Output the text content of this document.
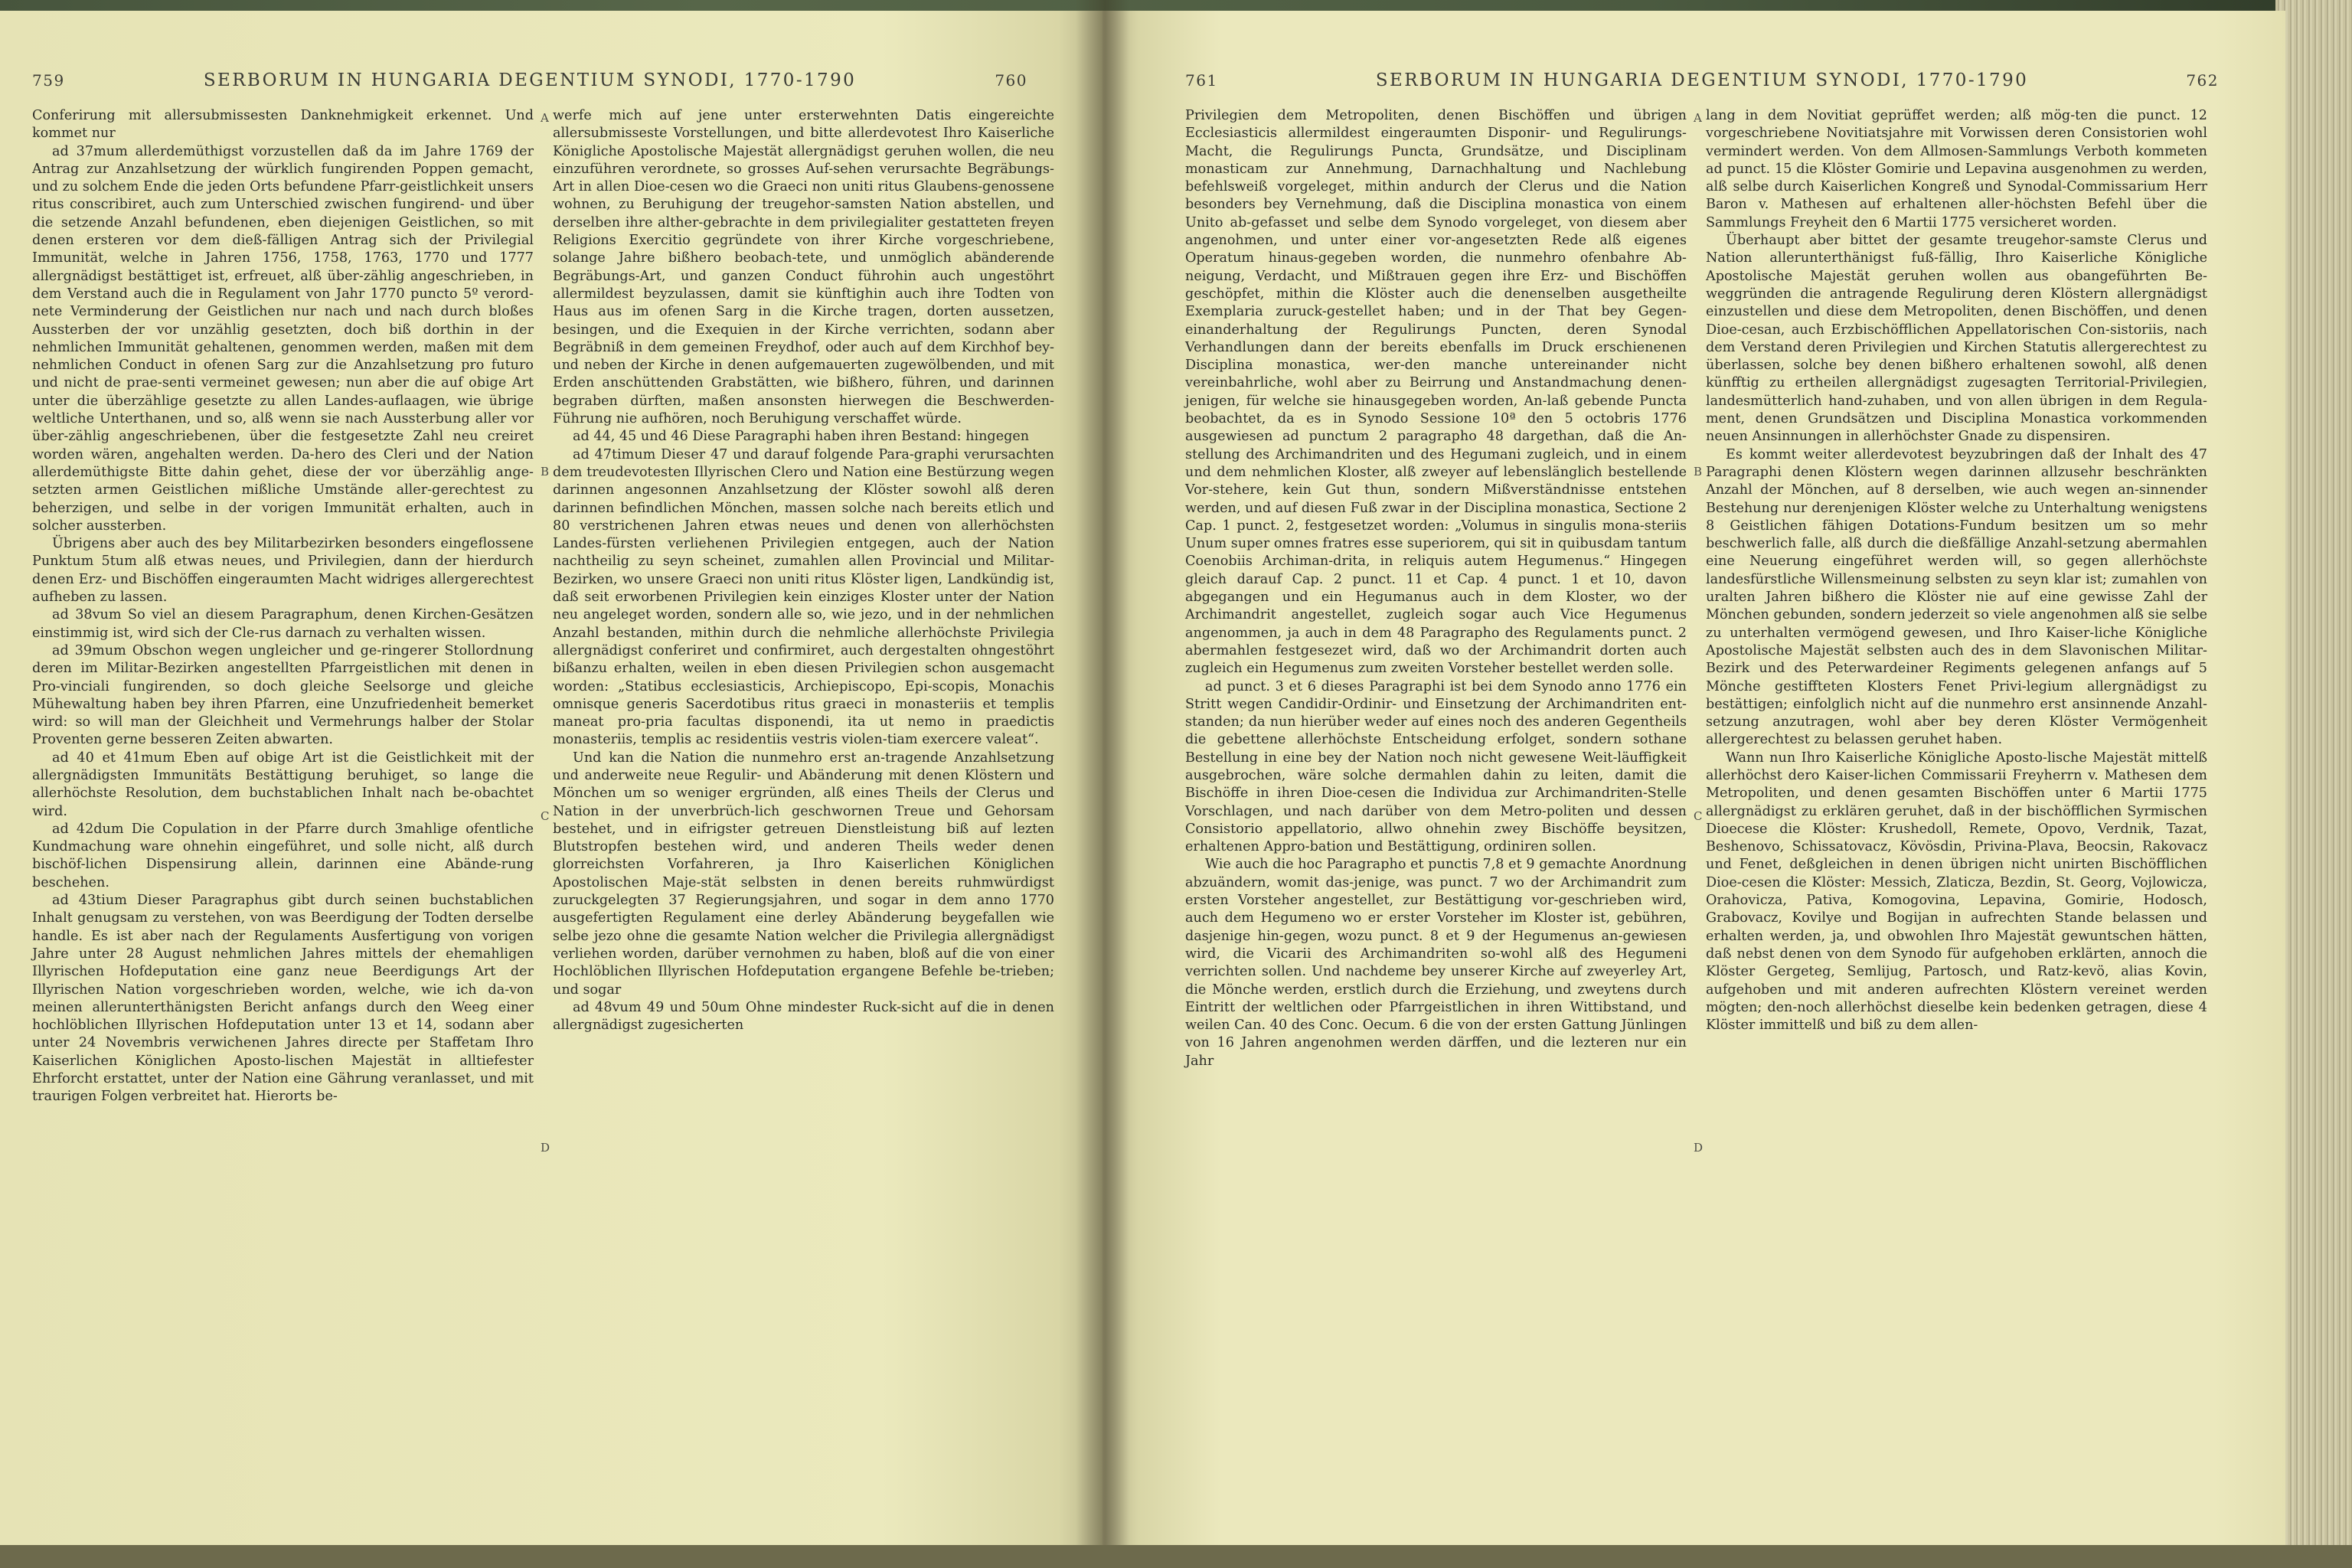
759	SERBORUM IN HUNGARIA DEGENTIUM SYNODI, 1770-1790	760

Conferirung mit allersubmissesten Danknehmigkeit erkennet. Und kommet nur

ad 37mum allerdemüthigst vorzustellen daß da im Jahre 1769 der Antrag zur Anzahlsetzung der würklich fungirenden Poppen gemacht, und zu solchem Ende die jeden Orts befundene Pfarr-geistlichkeit unsers ritus conscribiret, auch zum Unterschied zwischen fungirend- und über die setzende Anzahl befundenen, eben diejenigen Geistlichen, so mit denen ersteren vor dem dieß-fälligen Antrag sich der Privilegial Immunität, welche in Jahren 1756, 1758, 1763, 1770 und 1777 allergnädigst bestättiget ist, erfreuet, alß über-zählig angeschrieben, in dem Verstand auch die in Regulament von Jahr 1770 puncto 5º verord-nete Verminderung der Geistlichen nur nach und nach durch bloßes Aussterben der vor unzählig gesetzten, doch biß dorthin in der nehmlichen Immunität gehaltenen, genommen werden, maßen mit dem nehmlichen Conduct in ofenen Sarg zur die Anzahlsetzung pro futuro und nicht de prae-senti vermeinet gewesen; nun aber die auf obige Art unter die überzählige gesetzte zu allen Landes-auflaagen, wie übrige weltliche Unterthanen, und so, alß wenn sie nach Aussterbung aller vor über-zählig angeschriebenen, über die festgesetzte Zahl neu creiret worden wären, angehalten werden. Da-hero des Cleri und der Nation allerdemüthigste Bitte dahin gehet, diese der vor überzählig ange-setzten armen Geistlichen mißliche Umstände aller-gerechtest zu beherzigen, und selbe in der vorigen Immunität erhalten, auch in solcher aussterben.

Übrigens aber auch des bey Militarbezirken besonders eingeflossene Punktum 5tum alß etwas neues, und Privilegien, dann der hierdurch denen Erz- und Bischöffen eingeraumten Macht widriges allergerechtest aufheben zu lassen.

ad 38vum So viel an diesem Paragraphum, denen Kirchen-Gesätzen einstimmig ist, wird sich der Cle-rus darnach zu verhalten wissen.

ad 39mum Obschon wegen ungleicher und ge-ringerer Stollordnung deren im Militar-Bezirken angestellten Pfarrgeistlichen mit denen in Pro-vinciali fungirenden, so doch gleiche Seelsorge und gleiche Mühewaltung haben bey ihren Pfarren, eine Unzufriedenheit bemerket wird: so will man der Gleichheit und Vermehrungs halber der Stolar Proventen gerne besseren Zeiten abwarten.

ad 40 et 41mum Eben auf obige Art ist die Geistlichkeit mit der allergnädigsten Immunitäts Bestättigung beruhiget, so lange die allerhöchste Resolution, dem buchstablichen Inhalt nach be-obachtet wird.

ad 42dum Die Copulation in der Pfarre durch 3mahlige ofentliche Kundmachung ware ohnehin eingeführet, und solle nicht, alß durch bischöf-lichen Dispensirung allein, darinnen eine Abände-rung beschehen.

ad 43tium Dieser Paragraphus gibt durch seinen buchstablichen Inhalt genugsam zu verstehen, von was Beerdigung der Todten derselbe handle. Es ist aber nach der Regulaments Ausfertigung von vorigen Jahre unter 28 August nehmlichen Jahres mittels der ehemahligen Illyrischen Hofdeputation eine ganz neue Beerdigungs Art der Illyrischen Nation vorgeschrieben worden, welche, wie ich da-von meinen allerunterthänigsten Bericht anfangs durch den Weeg einer hochlöblichen Illyrischen Hofdeputation unter 13 et 14, sodann aber unter 24 Novembris verwichenen Jahres directe per Staffetam Ihro Kaiserlichen Königlichen Aposto-lischen Majestät in alltiefester Ehrforcht erstattet, unter der Nation eine Gährung veranlasset, und mit traurigen Folgen verbreitet hat. Hierorts be-

A
B
C
D

werfe mich auf jene unter ersterwehnten Datis eingereichte allersubmisseste Vorstellungen, und bitte allerdevotest Ihro Kaiserliche Königliche Apostolische Majestät allergnädigst geruhen wollen, die neu einzuführen verordnete, so grosses Auf-sehen verursachte Begräbungs-Art in allen Dioe-cesen wo die Graeci non uniti ritus Glaubens-genossene wohnen, zu Beruhigung der treugehor-samsten Nation abstellen, und derselben ihre alther-gebrachte in dem privilegialiter gestatteten freyen Religions Exercitio gegründete von ihrer Kirche vorgeschriebene, solange Jahre bißhero beobach-tete, und unmöglich abänderende Begräbungs-Art, und ganzen Conduct führohin auch ungestöhrt allermildest beyzulassen, damit sie künftighin auch ihre Todten von Haus aus im ofenen Sarg in die Kirche tragen, dorten aussetzen, besingen, und die Exequien in der Kirche verrichten, sodann aber Begräbniß in dem gemeinen Freydhof, oder auch auf dem Kirchhof bey- und neben der Kirche in denen aufgemauerten zugewölbenden, und mit Erden anschüttenden Grabstätten, wie bißhero, führen, und darinnen begraben dürften, maßen ansonsten hierwegen die Beschwerden-Führung nie aufhören, noch Beruhigung verschaffet würde.

ad 44, 45 und 46 Diese Paragraphi haben ihren Bestand: hingegen

ad 47timum Dieser 47 und darauf folgende Para-graphi verursachten dem treudevotesten Illyrischen Clero und Nation eine Bestürzung wegen darinnen angesonnen Anzahlsetzung der Klöster sowohl alß deren darinnen befindlichen Mönchen, massen solche nach bereits etlich und 80 verstrichenen Jahren etwas neues und denen von allerhöchsten Landes-fürsten verliehenen Privilegien entgegen, auch der Nation nachtheilig zu seyn scheinet, zumahlen allen Provincial und Militar-Bezirken, wo unsere Graeci non uniti ritus Klöster ligen, Landkündig ist, daß seit erworbenen Privilegien kein einziges Kloster unter der Nation neu angeleget worden, sondern alle so, wie jezo, und in der nehmlichen Anzahl bestanden, mithin durch die nehmliche allerhöchste Privilegia allergnädigst conferiret und confirmiret, auch dergestalten ohngestöhrt bißanzu erhalten, weilen in eben diesen Privilegien schon ausgemacht worden: „Statibus ecclesiasticis, Archiepiscopo, Epi-scopis, Monachis omnisque generis Sacerdotibus ritus graeci in monasteriis et templis maneat pro-pria facultas disponendi, ita ut nemo in praedictis monasteriis, templis ac residentiis vestris violen-tiam exercere valeat“.

Und kan die Nation die nunmehro erst an-tragende Anzahlsetzung und anderweite neue Regulir- und Abänderung mit denen Klöstern und Mönchen um so weniger ergründen, alß eines Theils der Clerus und Nation in der unverbrüch-lich geschwornen Treue und Gehorsam bestehet, und in eifrigster getreuen Dienstleistung biß auf lezten Blutstropfen bestehen wird, und anderen Theils weder denen glorreichsten Vorfahreren, ja Ihro Kaiserlichen Königlichen Apostolischen Maje-stät selbsten in denen bereits ruhmwürdigst zuruckgelegten 37 Regierungsjahren, und sogar in dem anno 1770 ausgefertigten Regulament eine derley Abänderung beygefallen wie selbe jezo ohne die gesamte Nation welcher die Privilegia allergnädigst verliehen worden, darüber vernohmen zu haben, bloß auf die von einer Hochlöblichen Illyrischen Hofdeputation ergangene Befehle be-trieben; und sogar

ad 48vum 49 und 50um Ohne mindester Ruck-sicht auf die in denen allergnädigst zugesicherten

761	SERBORUM IN HUNGARIA DEGENTIUM SYNODI, 1770-1790	762

Privilegien dem Metropoliten, denen Bischöffen und übrigen Ecclesiasticis allermildest eingeraumten Disponir- und Regulirungs-Macht, die Regulirungs Puncta, Grundsätze, und Disciplinam monasticam zur Annehmung, Darnachhaltung und Nachlebung befehlsweiß vorgeleget, mithin andurch der Clerus und die Nation besonders bey Vernehmung, daß die Disciplina monastica von einem Unito ab-gefasset und selbe dem Synodo vorgeleget, von diesem aber angenohmen, und unter einer vor-angesetzten Rede alß eigenes Operatum hinaus-gegeben worden, die nunmehro ofenbahre Ab-neigung, Verdacht, und Mißtrauen gegen ihre Erz- und Bischöffen geschöpfet, mithin die Klöster auch die denenselben ausgetheilte Exemplaria zuruck-gestellet haben; und in der That bey Gegen-einanderhaltung der Regulirungs Puncten, deren Synodal Verhandlungen dann der bereits ebenfalls im Druck erschienenen Disciplina monastica, wer-den manche untereinander nicht vereinbahrliche, wohl aber zu Beirrung und Anstandmachung denen-jenigen, für welche sie hinausgegeben worden, An-laß gebende Puncta beobachtet, da es in Synodo Sessione 10ª den 5 octobris 1776 ausgewiesen ad punctum 2 paragrapho 48 dargethan, daß die An-stellung des Archimandriten und des Hegumani zugleich, und in einem und dem nehmlichen Kloster, alß zweyer auf lebenslänglich bestellende Vor-stehere, kein Gut thun, sondern Mißverständnisse entstehen werden, und auf diesen Fuß zwar in der Disciplina monastica, Sectione 2 Cap. 1 punct. 2, festgesetzet worden: „Volumus in singulis mona-steriis Unum super omnes fratres esse superiorem, qui sit in quibusdam tantum Coenobiis Archiman-drita, in reliquis autem Hegumenus.“ Hingegen gleich darauf Cap. 2 punct. 11 et Cap. 4 punct. 1 et 10, davon abgegangen und ein Hegumanus auch in dem Kloster, wo der Archimandrit angestellet, zugleich sogar auch Vice Hegumenus angenommen, ja auch in dem 48 Paragrapho des Regulaments punct. 2 abermahlen festgesezet wird, daß wo der Archimandrit dorten auch zugleich ein Hegumenus zum zweiten Vorsteher bestellet werden solle.

ad punct. 3 et 6 dieses Paragraphi ist bei dem Synodo anno 1776 ein Stritt wegen Candidir-Ordinir- und Einsetzung der Archimandriten ent-standen; da nun hierüber weder auf eines noch des anderen Gegentheils die gebettene allerhöchste Entscheidung erfolget, sondern sothane Bestellung in eine bey der Nation noch nicht gewesene Weit-läuffigkeit ausgebrochen, wäre solche dermahlen dahin zu leiten, damit die Bischöffe in ihren Dioe-cesen die Individua zur Archimandriten-Stelle Vorschlagen, und nach darüber von dem Metro-politen und dessen Consistorio appellatorio, allwo ohnehin zwey Bischöffe beysitzen, erhaltenen Appro-bation und Bestättigung, ordiniren sollen.

Wie auch die hoc Paragrapho et punctis 7,8 et 9 gemachte Anordnung abzuändern, womit das-jenige, was punct. 7 wo der Archimandrit zum ersten Vorsteher angestellet, zur Bestättigung vor-geschrieben wird, auch dem Hegumeno wo er erster Vorsteher im Kloster ist, gebühren, dasjenige hin-gegen, wozu punct. 8 et 9 der Hegumenus an-gewiesen wird, die Vicarii des Archimandriten so-wohl alß des Hegumeni verrichten sollen. Und nachdeme bey unserer Kirche auf zweyerley Art, die Mönche werden, erstlich durch die Erziehung, und zweytens durch Eintritt der weltlichen oder Pfarrgeistlichen in ihren Wittibstand, und weilen Can. 40 des Conc. Oecum. 6 die von der ersten Gattung Jünlingen von 16 Jahren angenohmen werden därffen, und die lezteren nur ein Jahr

A
B
C
D

lang in dem Novitiat geprüffet werden; alß mög-ten die punct. 12 vorgeschriebene Novitiatsjahre mit Vorwissen deren Consistorien wohl vermindert werden. Von dem Allmosen-Sammlungs Verboth kommeten ad punct. 15 die Klöster Gomirie und Lepavina ausgenohmen zu werden, alß selbe durch Kaiserlichen Kongreß und Synodal-Commissarium Herr Baron v. Mathesen auf erhaltenen aller-höchsten Befehl über die Sammlungs Freyheit den 6 Martii 1775 versicheret worden.

Überhaupt aber bittet der gesamte treugehor-samste Clerus und Nation allerunterthänigst fuß-fällig, Ihro Kaiserliche Königliche Apostolische Majestät geruhen wollen aus obangeführten Be-weggründen die antragende Regulirung deren Klöstern allergnädigst einzustellen und diese dem Metropoliten, denen Bischöffen, und denen Dioe-cesan, auch Erzbischöfflichen Appellatorischen Con-sistoriis, nach dem Verstand deren Privilegien und Kirchen Statutis allergerechtest zu überlassen, solche bey denen bißhero erhaltenen sowohl, alß denen künfftig zu ertheilen allergnädigst zugesagten Territorial-Privilegien, landesmütterlich hand-zuhaben, und von allen übrigen in dem Regula-ment, denen Grundsätzen und Disciplina Monastica vorkommenden neuen Ansinnungen in allerhöchster Gnade zu dispensiren.

Es kommt weiter allerdevotest beyzubringen daß der Inhalt des 47 Paragraphi denen Klöstern wegen darinnen allzusehr beschränkten Anzahl der Mönchen, auf 8 derselben, wie auch wegen an-sinnender Bestehung nur derenjenigen Klöster welche zu Unterhaltung wenigstens 8 Geistlichen fähigen Dotations-Fundum besitzen um so mehr beschwerlich falle, alß durch die dießfällige Anzahl-setzung abermahlen eine Neuerung eingeführet werden will, so gegen allerhöchste landesfürstliche Willensmeinung selbsten zu seyn klar ist; zumahlen von uralten Jahren bißhero die Klöster nie auf eine gewisse Zahl der Mönchen gebunden, sondern jederzeit so viele angenohmen alß sie selbe zu unterhalten vermögend gewesen, und Ihro Kaiser-liche Königliche Apostolische Majestät selbsten auch des in dem Slavonischen Militar-Bezirk und des Peterwardeiner Regiments gelegenen anfangs auf 5 Mönche gestiffteten Klosters Fenet Privi-legium allergnädigst zu bestättigen; einfolglich nicht auf die nunmehro erst ansinnende Anzahl-setzung anzutragen, wohl aber bey deren Klöster Vermögenheit allergerechtest zu belassen geruhet haben.

Wann nun Ihro Kaiserliche Königliche Aposto-lische Majestät mittelß allerhöchst dero Kaiser-lichen Commissarii Freyherrn v. Mathesen dem Metropoliten, und denen gesamten Bischöffen unter 6 Martii 1775 allergnädigst zu erklären geruhet, daß in der bischöfflichen Syrmischen Dioecese die Klöster: Krushedoll, Remete, Opovo, Verdnik, Tazat, Beshenovo, Schissatovacz, Kövösdin, Privina-Plava, Beocsin, Rakovacz und Fenet, deßgleichen in denen übrigen nicht unirten Bischöfflichen Dioe-cesen die Klöster: Messich, Zlaticza, Bezdin, St. Georg, Vojlowicza, Orahovicza, Pativa, Komogovina, Lepavina, Gomirie, Hodosch, Grabovacz, Kovilye und Bogijan in aufrechten Stande belassen und erhalten werden, ja, und obwohlen Ihro Majestät gewuntschen hätten, daß nebst denen von dem Synodo für aufgehoben erklärten, annoch die Klöster Gergeteg, Semlijug, Partosch, und Ratz-kevö, alias Kovin, aufgehoben und mit anderen aufrechten Klöstern vereinet werden mögten; den-noch allerhöchst dieselbe kein bedenken getragen, diese 4 Klöster immittelß und biß zu dem allen-
